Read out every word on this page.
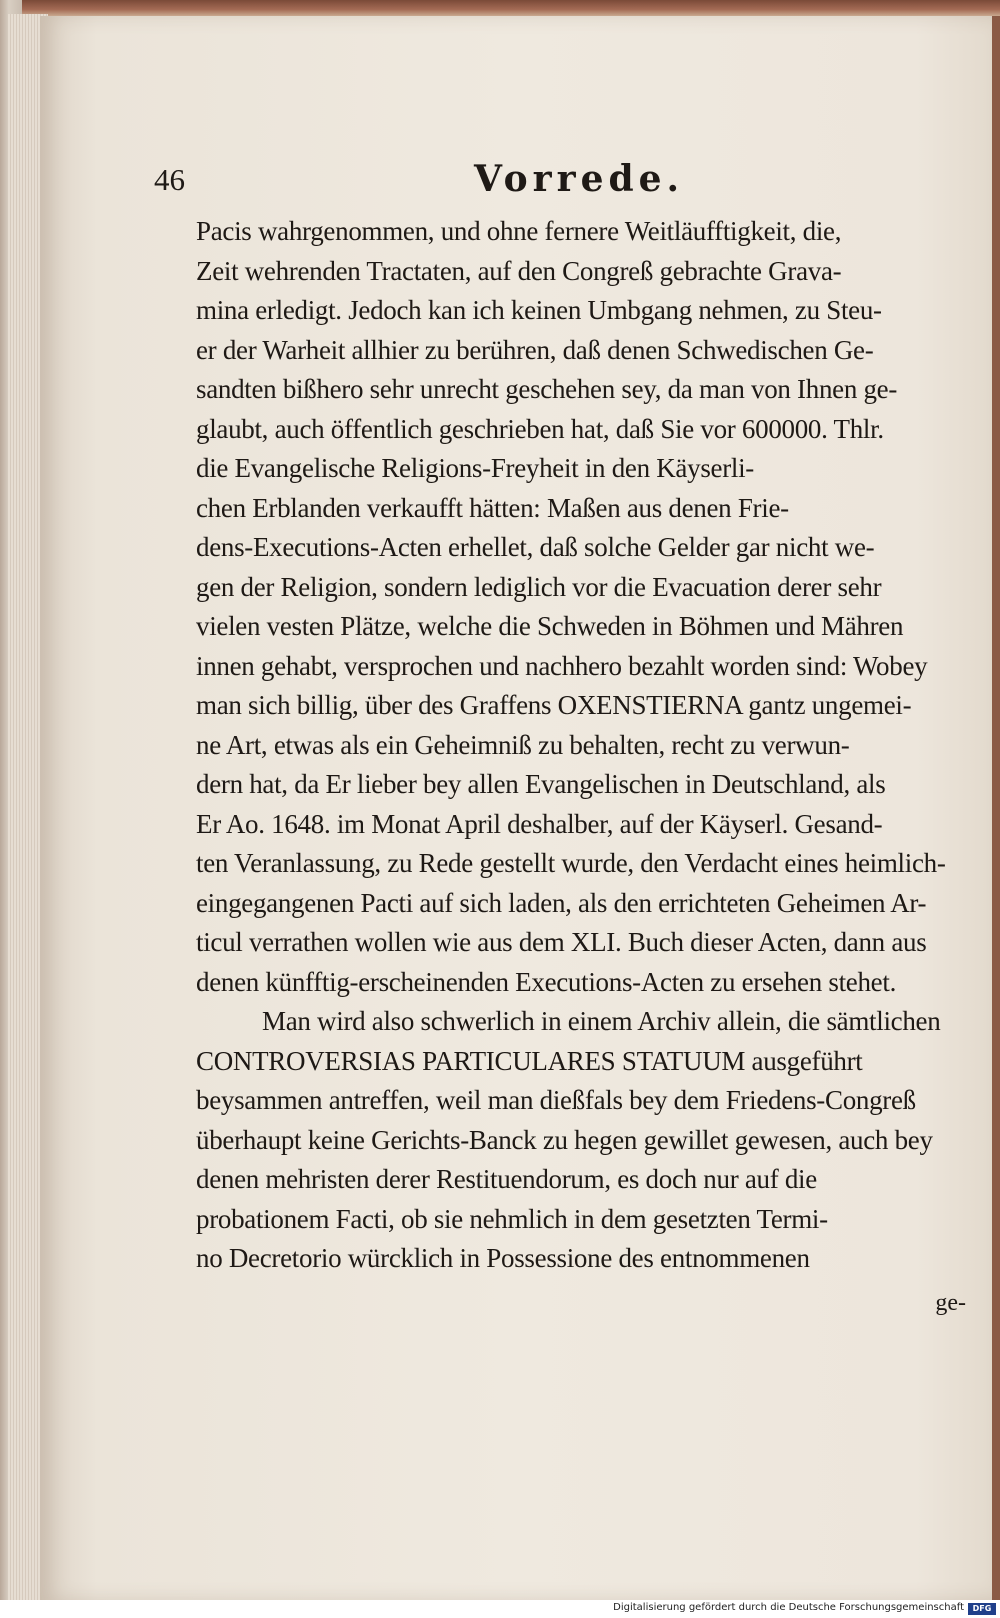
46	Vorrede.
Pacis wahrgenommen, und ohne fernere Weitläufftigkeit, die,
Zeit wehrenden Tractaten, auf den Congreß gebrachte Grava-
mina erledigt. Jedoch kan ich keinen Umbgang nehmen, zu Steu-
er der Warheit allhier zu berühren, daß denen Schwedischen Ge-
sandten bißhero sehr unrecht geschehen sey, da man von Ihnen ge-
glaubt, auch öffentlich geschrieben hat, daß Sie vor 600000. Thlr.
die Evangelische Religions-Freyheit in den Käyserli-
chen Erblanden verkaufft hätten: Maßen aus denen Frie-
dens-Executions-Acten erhellet, daß solche Gelder gar nicht we-
gen der Religion, sondern lediglich vor die Evacuation derer sehr
vielen vesten Plätze, welche die Schweden in Böhmen und Mähren
innen gehabt, versprochen und nachhero bezahlt worden sind: Wobey
man sich billig, über des Graffens OXENSTIERNA gantz ungemei-
ne Art, etwas als ein Geheimniß zu behalten, recht zu verwun-
dern hat, da Er lieber bey allen Evangelischen in Deutschland, als
Er Ao. 1648. im Monat April deshalber, auf der Käyserl. Gesand-
ten Veranlassung, zu Rede gestellt wurde, den Verdacht eines heimlich-
eingegangenen Pacti auf sich laden, als den errichteten Geheimen Ar-
ticul verrathen wollen wie aus dem XLI. Buch dieser Acten, dann aus
denen künfftig-erscheinenden Executions-Acten zu ersehen stehet.
Man wird also schwerlich in einem Archiv allein, die sämtlichen
CONTROVERSIAS PARTICULARES STATUUM ausgeführt
beysammen antreffen, weil man dießfals bey dem Friedens-Congreß
überhaupt keine Gerichts-Banck zu hegen gewillet gewesen, auch bey
denen mehristen derer Restituendorum, es doch nur auf die
probationem Facti, ob sie nehmlich in dem gesetzten Termi-
no Decretorio würcklich in Possessione des entnommenen
ge-
Digitalisierung gefördert durch die Deutsche Forschungsgemeinschaft	DFG
